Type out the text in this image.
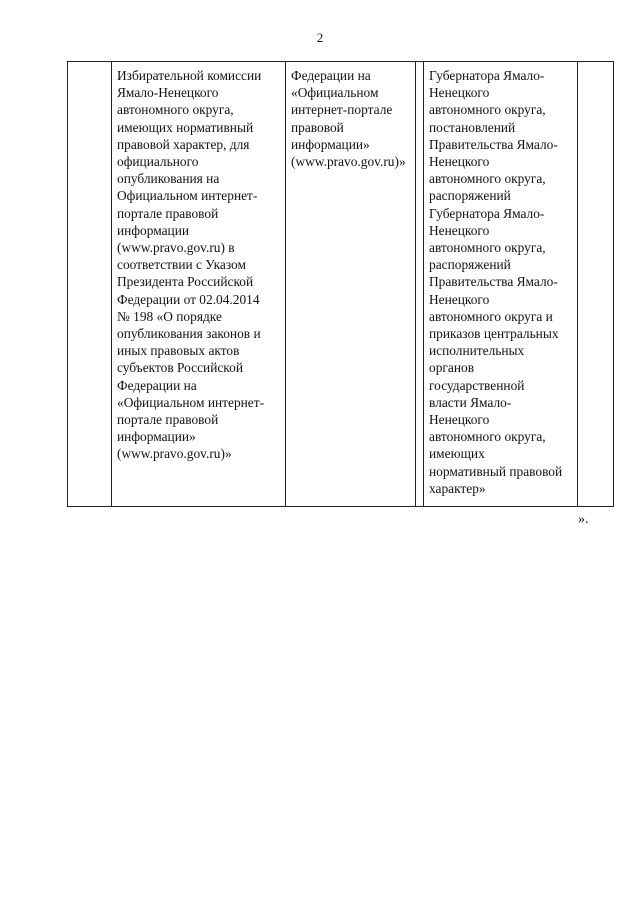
2
	Избирательной комиссии
Ямало-Ненецкого
автономного округа,
имеющих нормативный
правовой характер, для
официального
опубликования на
Официальном интернет-
портале правовой
информации
(www.pravo.gov.ru) в
соответствии с Указом
Президента Российской
Федерации от 02.04.2014
№ 198 «О порядке
опубликования законов и
иных правовых актов
субъектов Российской
Федерации на
«Официальном интернет-
портале правовой
информации»
(www.pravo.gov.ru)»	Федерации на
«Официальном
интернет-портале
правовой
информации»
(www.pravo.gov.ru)»		Губернатора Ямало-
Ненецкого
автономного округа,
постановлений
Правительства Ямало-
Ненецкого
автономного округа,
распоряжений
Губернатора Ямало-
Ненецкого
автономного округа,
распоряжений
Правительства Ямало-
Ненецкого
автономного округа и
приказов центральных
исполнительных
органов
государственной
власти Ямало-
Ненецкого
автономного округа,
имеющих
нормативный правовой
характер»	
».
